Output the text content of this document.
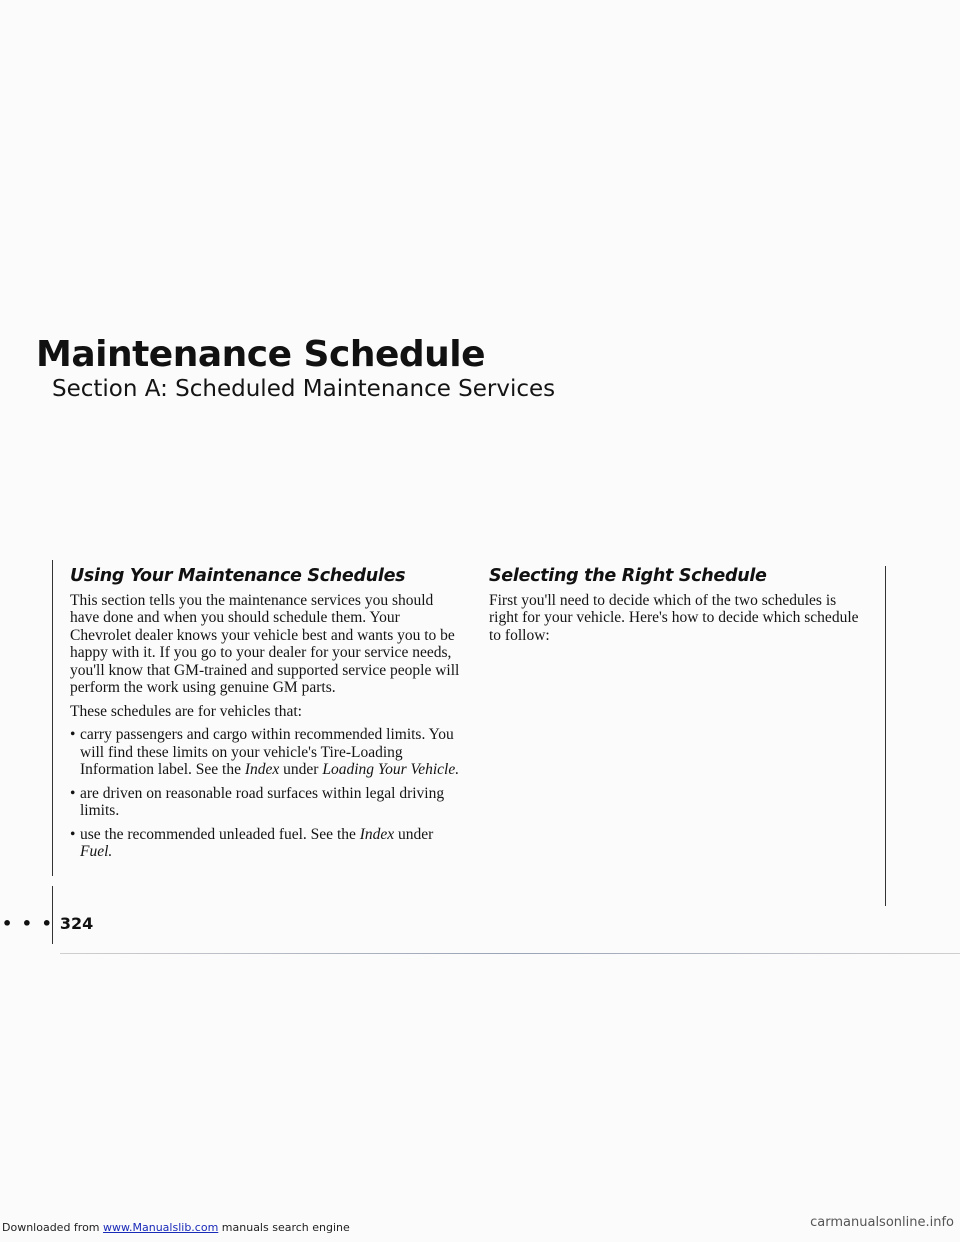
Downloaded from www.Manualslib.com manuals search engine	carmanualsonline.info
Maintenance Schedule
Section A: Scheduled Maintenance Services
Using Your Maintenance Schedules

This section tells you the maintenance services you should have done and when you should schedule them. Your Chevrolet dealer knows your vehicle best and wants you to be happy with it. If you go to your dealer for your service needs, you'll know that GM-trained and supported service people will perform the work using genuine GM parts.

These schedules are for vehicles that:

• carry passengers and cargo within recommended limits. You will find these limits on your vehicle's Tire-Loading Information label. See the Index under Loading Your Vehicle.
• are driven on reasonable road surfaces within legal driving limits.
• use the recommended unleaded fuel. See the Index under Fuel.
Selecting the Right Schedule

First you'll need to decide which of the two schedules is right for your vehicle. Here's how to decide which schedule to follow:

• • • 324
